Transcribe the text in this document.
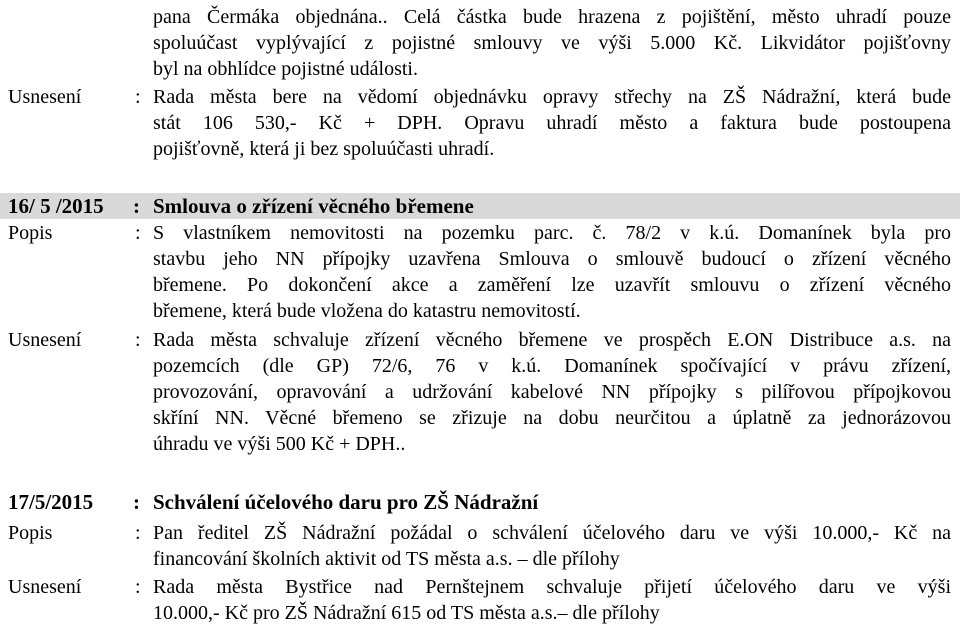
pana Čermáka objednána.. Celá částka bude hrazena z pojištění, město uhradí pouze
spoluúčast vyplývající z pojistné smlouvy ve výši 5.000 Kč. Likvidátor pojišťovny
byl na obhlídce pojistné události.
Usnesení	: Rada města bere na vědomí objednávku opravy střechy na ZŠ Nádražní, která bude
stát 106 530,- Kč + DPH. Opravu uhradí město a faktura bude postoupena
pojišťovně, která ji bez spoluúčasti uhradí.
16/ 5 /2015 : Smlouva o zřízení věcného břemene
Popis	: S vlastníkem nemovitosti na pozemku parc. č. 78/2 v k.ú. Domanínek byla pro
stavbu jeho NN přípojky uzavřena Smlouva o smlouvě budoucí o zřízení věcného
břemene. Po dokončení akce a zaměření lze uzavřít smlouvu o zřízení věcného
břemene, která bude vložena do katastru nemovitostí.
Usnesení	: Rada města schvaluje zřízení věcného břemene ve prospěch E.ON Distribuce a.s. na
pozemcích (dle GP) 72/6, 76 v k.ú. Domanínek spočívající v právu zřízení,
provozování, opravování a udržování kabelové NN přípojky s pilířovou přípojkovou
skříní NN. Věcné břemeno se zřizuje na dobu neurčitou a úplatně za jednorázovou
úhradu ve výši 500 Kč + DPH..
17/5/2015 : Schválení účelového daru pro ZŠ Nádražní
Popis	: Pan ředitel ZŠ Nádražní požádal o schválení účelového daru ve výši 10.000,- Kč na
financování školních aktivit od TS města a.s. – dle přílohy
Usnesení	: Rada města Bystřice nad Pernštejnem schvaluje přijetí účelového daru ve výši
10.000,- Kč pro ZŠ Nádražní 615 od TS města a.s.– dle přílohy
